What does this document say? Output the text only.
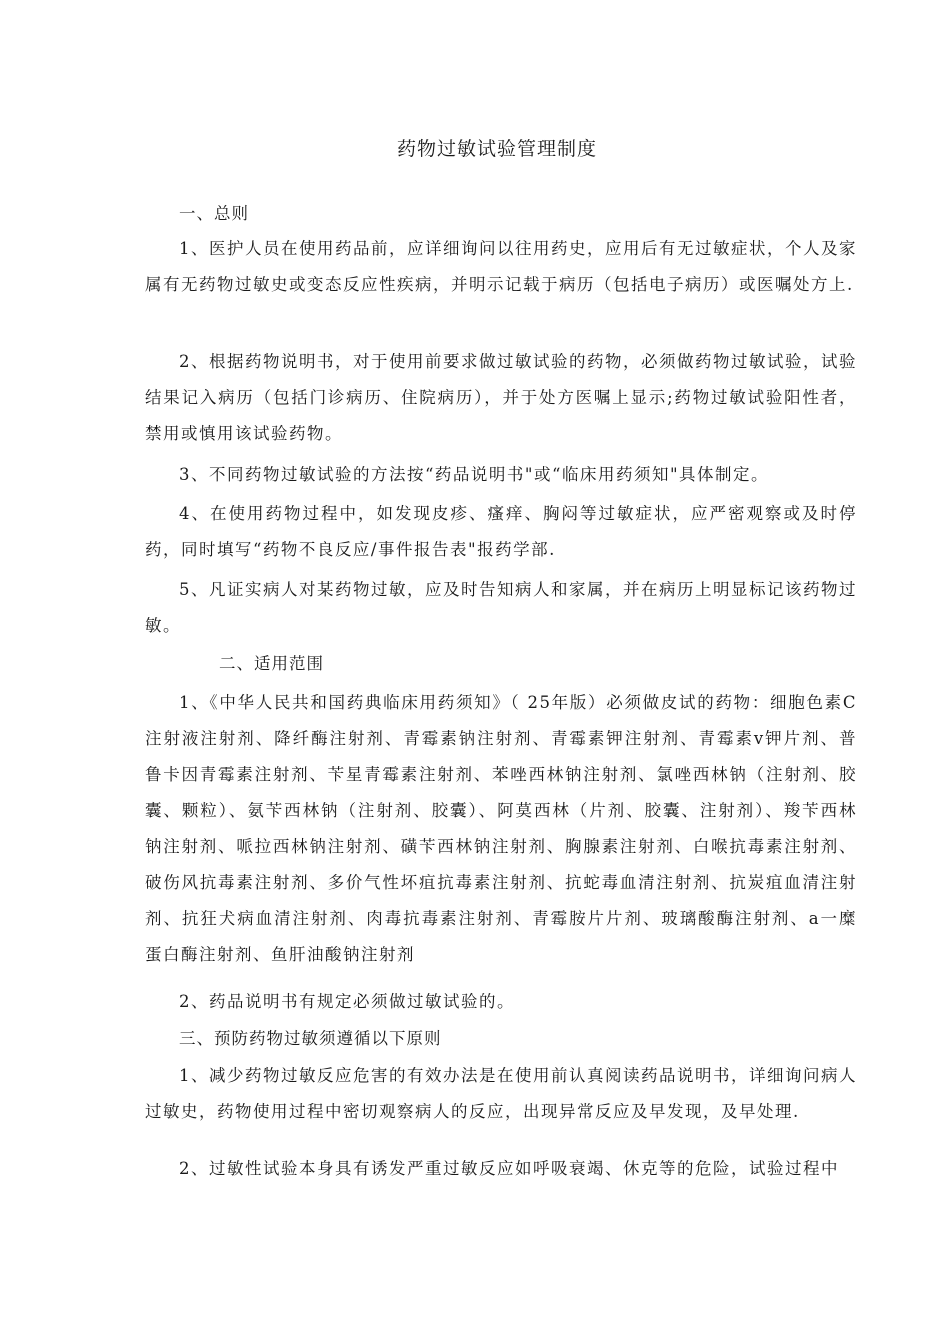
药物过敏试验管理制度
一、总则

1、医护人员在使用药品前，应详细询问以往用药史，应用后有无过敏症状，个人及家属有无药物过敏史或变态反应性疾病，并明示记载于病历（包括电子病历）或医嘱处方上.

2、根据药物说明书，对于使用前要求做过敏试验的药物，必须做药物过敏试验，试验结果记入病历（包括门诊病历、住院病历），并于处方医嘱上显示;药物过敏试验阳性者，禁用或慎用该试验药物。

3、不同药物过敏试验的方法按“药品说明书"或“临床用药须知"具体制定。

4、在使用药物过程中，如发现皮疹、瘙痒、胸闷等过敏症状，应严密观察或及时停药，同时填写“药物不良反应/事件报告表"报药学部.

5、凡证实病人对某药物过敏，应及时告知病人和家属，并在病历上明显标记该药物过敏。

二、适用范围

1、《中华人民共和国药典临床用药须知》（ 25年版）必须做皮试的药物：细胞色素C注射液注射剂、降纤酶注射剂、青霉素钠注射剂、青霉素钾注射剂、青霉素v钾片剂、普鲁卡因青霉素注射剂、苄星青霉素注射剂、苯唑西林钠注射剂、氯唑西林钠（注射剂、胶囊、颗粒）、氨苄西林钠（注射剂、胶囊）、阿莫西林（片剂、胶囊、注射剂）、羧苄西林钠注射剂、哌拉西林钠注射剂、磺苄西林钠注射剂、胸腺素注射剂、白喉抗毒素注射剂、破伤风抗毒素注射剂、多价气性坏疽抗毒素注射剂、抗蛇毒血清注射剂、抗炭疽血清注射剂、抗狂犬病血清注射剂、肉毒抗毒素注射剂、青霉胺片片剂、玻璃酸酶注射剂、a一糜蛋白酶注射剂、鱼肝油酸钠注射剂

2、药品说明书有规定必须做过敏试验的。

三、预防药物过敏须遵循以下原则

1、减少药物过敏反应危害的有效办法是在使用前认真阅读药品说明书，详细询问病人过敏史，药物使用过程中密切观察病人的反应，出现异常反应及早发现，及早处理.

2、过敏性试验本身具有诱发严重过敏反应如呼吸衰竭、休克等的危险，试验过程中
